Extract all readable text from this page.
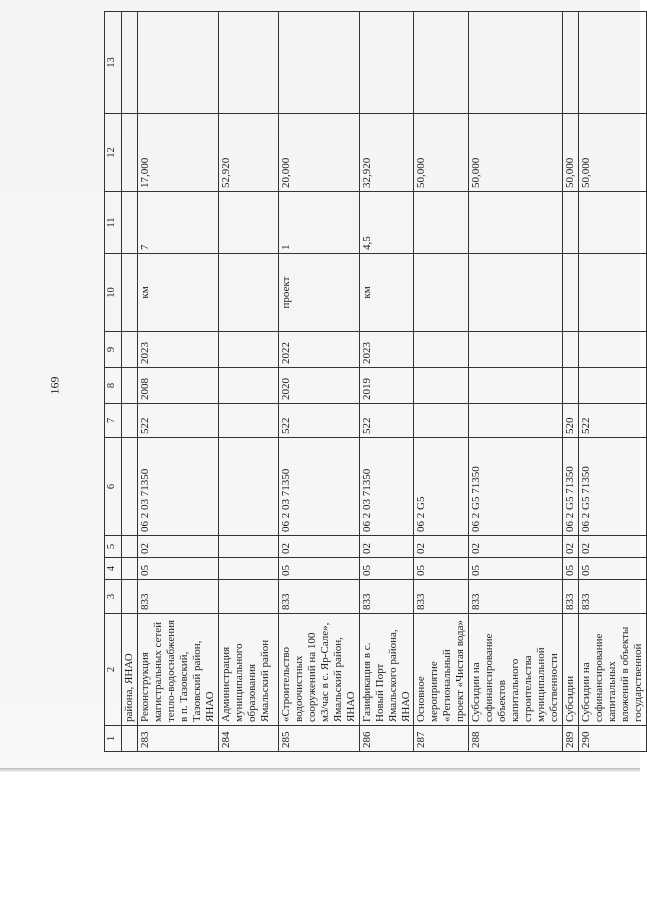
169
1	2	3	4	5	6	7	8	9	10	11	12	13
	района, ЯНАО											
283	Реконструкция магистральных сетей тепло-водоснабжения в п. Тазовский, Тазовский район, ЯНАО	833	05	02	06 2 03 71350	522	2008	2023	км	7	17,000	
284	Администрация муниципального образования Ямальский район										52,920	
285	«Строительство водоочистных сооружений на 100 м3/час в с. Яр-Сале», Ямальский район, ЯНАО	833	05	02	06 2 03 71350	522	2020	2022	проект	1	20,000	
286	Газификация в с. Новый Порт Ямальского района, ЯНАО	833	05	02	06 2 03 71350	522	2019	2023	км	4,5	32,920	
287	Основное мероприятие «Региональный проект «Чистая вода»	833	05	02	06 2 G5						50,000	
288	Субсидии на софинансирование объектов капитального строительства муниципальной собственности	833	05	02	06 2 G5 71350						50,000	
289	Субсидии	833	05	02	06 2 G5 71350	520					50,000	
290	Субсидии на софинансирование капитальных вложений в объекты государственной	833	05	02	06 2 G5 71350	522					50,000	
